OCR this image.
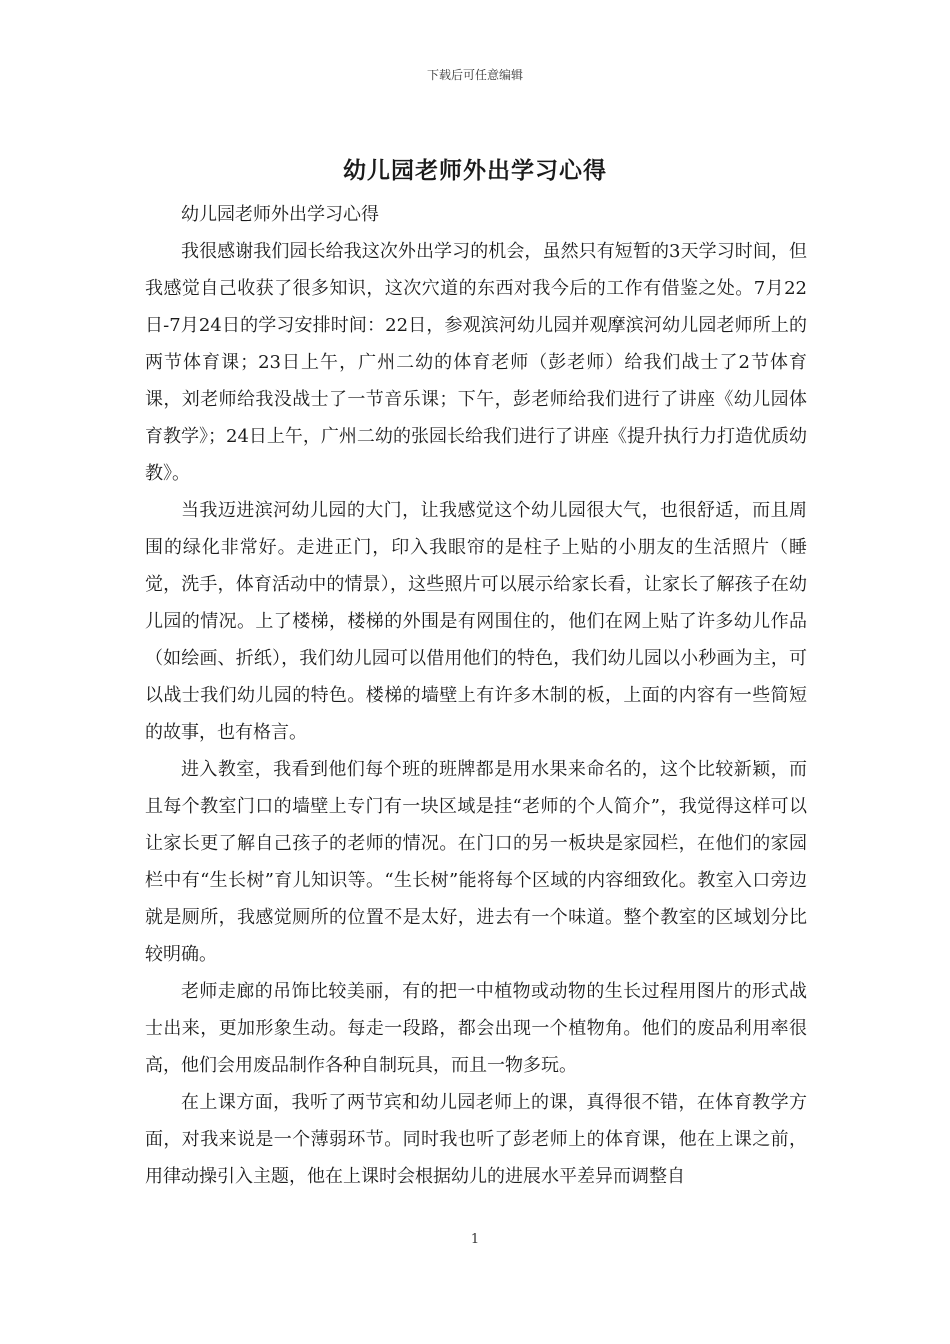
下载后可任意编辑
幼儿园老师外出学习心得

幼儿园老师外出学习心得

我很感谢我们园长给我这次外出学习的机会，虽然只有短暂的3天学习时间，但我感觉自己收获了很多知识，这次穴道的东西对我今后的工作有借鉴之处。7月22日-7月24日的学习安排时间：22日，参观滨河幼儿园并观摩滨河幼儿园老师所上的两节体育课；23日上午，广州二幼的体育老师（彭老师）给我们战士了2节体育课，刘老师给我没战士了一节音乐课；下午，彭老师给我们进行了讲座《幼儿园体育教学》；24日上午，广州二幼的张园长给我们进行了讲座《提升执行力打造优质幼教》。

当我迈进滨河幼儿园的大门，让我感觉这个幼儿园很大气，也很舒适，而且周围的绿化非常好。走进正门，印入我眼帘的是柱子上贴的小朋友的生活照片（睡觉，洗手，体育活动中的情景），这些照片可以展示给家长看，让家长了解孩子在幼儿园的情况。上了楼梯，楼梯的外围是有网围住的，他们在网上贴了许多幼儿作品（如绘画、折纸），我们幼儿园可以借用他们的特色，我们幼儿园以小秒画为主，可以战士我们幼儿园的特色。楼梯的墙壁上有许多木制的板，上面的内容有一些简短的故事，也有格言。

进入教室，我看到他们每个班的班牌都是用水果来命名的，这个比较新颖，而且每个教室门口的墙壁上专门有一块区域是挂“老师的个人简介”，我觉得这样可以让家长更了解自己孩子的老师的情况。在门口的另一板块是家园栏，在他们的家园栏中有“生长树”育儿知识等。“生长树”能将每个区域的内容细致化。教室入口旁边就是厕所，我感觉厕所的位置不是太好，进去有一个味道。整个教室的区域划分比较明确。

老师走廊的吊饰比较美丽，有的把一中植物或动物的生长过程用图片的形式战士出来，更加形象生动。每走一段路，都会出现一个植物角。他们的废品利用率很高，他们会用废品制作各种自制玩具，而且一物多玩。

在上课方面，我听了两节宾和幼儿园老师上的课，真得很不错，在体育教学方面，对我来说是一个薄弱环节。同时我也听了彭老师上的体育课，他在上课之前，用律动操引入主题，他在上课时会根据幼儿的进展水平差异而调整自

1
